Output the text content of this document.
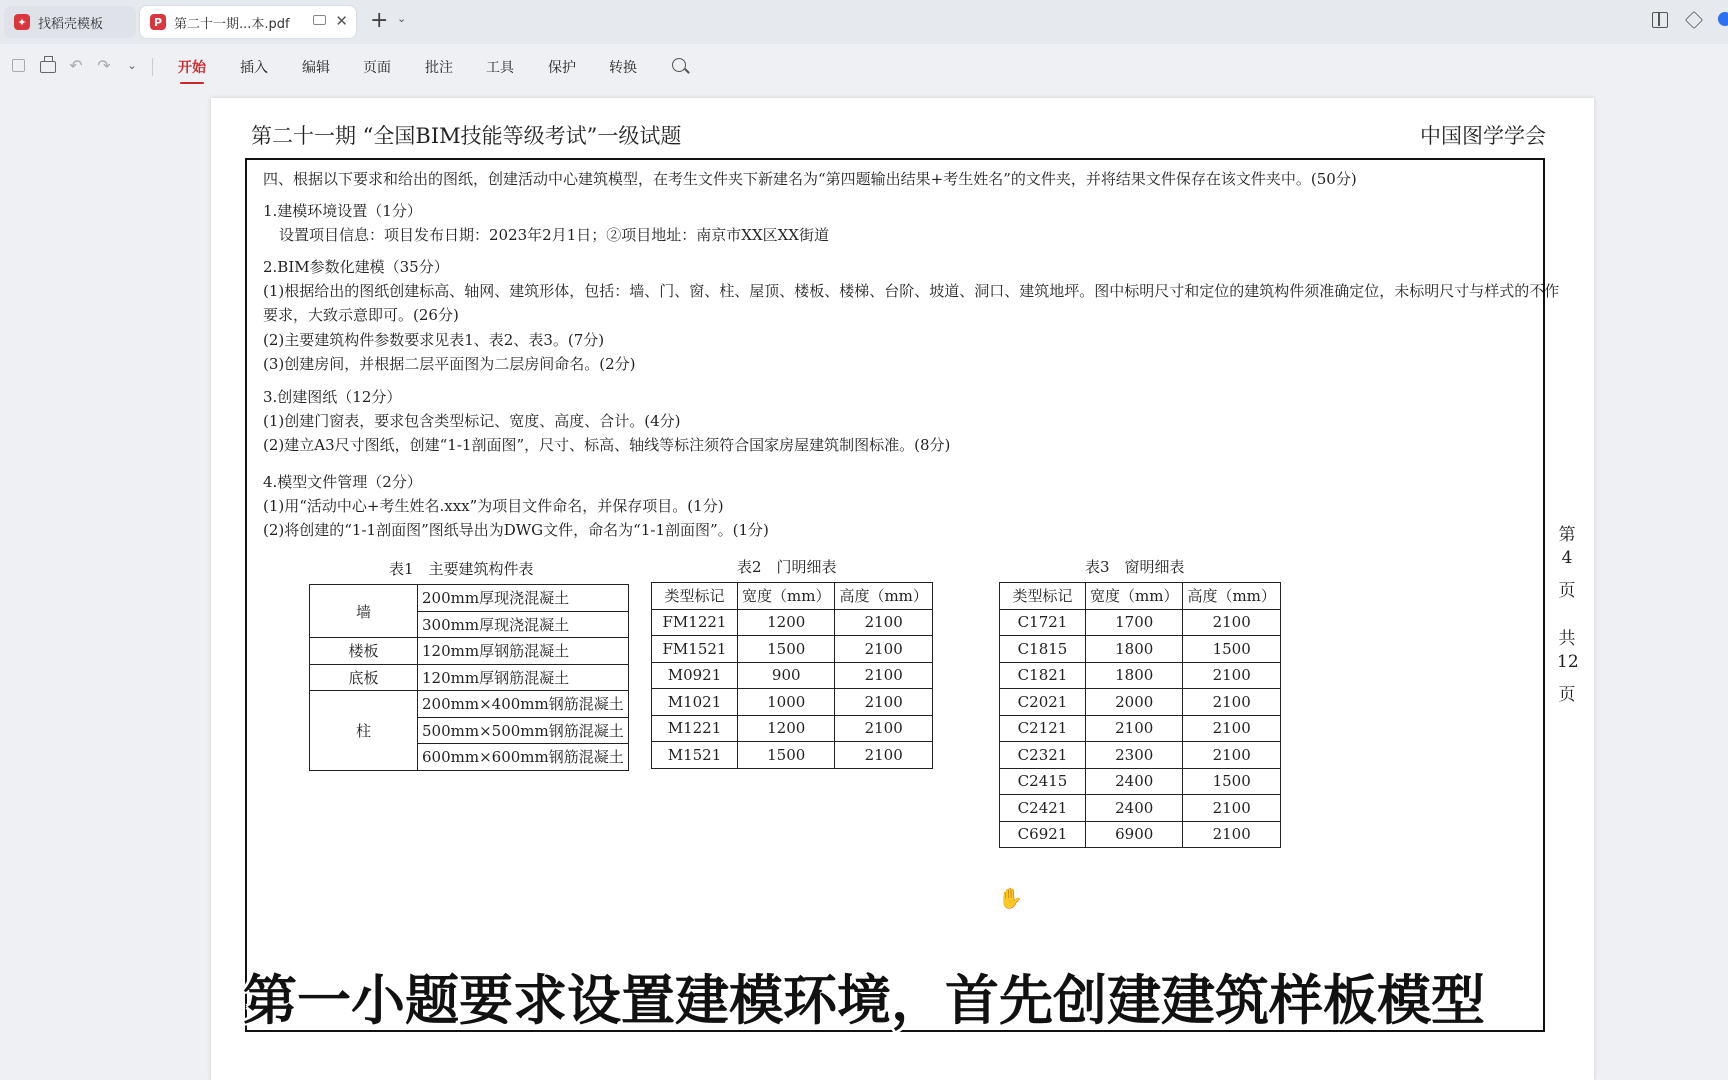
✦ 找稻壳模板	P 第二十一期...本.pdf	✕ + ⌄
↶ ↷	⌄	开始 插入 编辑 页面 批注 工具 保护 转换
第二十一期 “全国BIM技能等级考试”一级试题	中国图学学会
四、根据以下要求和给出的图纸，创建活动中心建筑模型，在考生文件夹下新建名为“第四题输出结果+考生姓名”的文件夹，并将结果文件保存在该文件夹中。(50分)
1.建模环境设置（1分）
设置项目信息：项目发布日期：2023年2月1日；②项目地址：南京市XX区XX街道
2.BIM参数化建模（35分）
(1)根据给出的图纸创建标高、轴网、建筑形体，包括：墙、门、窗、柱、屋顶、楼板、楼梯、台阶、坡道、洞口、建筑地坪。图中标明尺寸和定位的建筑构件须准确定位，未标明尺寸与样式的不作
要求，大致示意即可。(26分)
(2)主要建筑构件参数要求见表1、表2、表3。(7分)
(3)创建房间，并根据二层平面图为二层房间命名。(2分)
3.创建图纸（12分）
(1)创建门窗表，要求包含类型标记、宽度、高度、合计。(4分)
(2)建立A3尺寸图纸，创建“1-1剖面图”，尺寸、标高、轴线等标注须符合国家房屋建筑制图标准。(8分)
4.模型文件管理（2分）
(1)用“活动中心+考生姓名.xxx”为项目文件命名，并保存项目。(1分)
(2)将创建的“1-1剖面图”图纸导出为DWG文件，命名为“1-1剖面图”。(1分)
表1　主要建筑构件表
墙	200mm厚现浇混凝土
	300mm厚现浇混凝土
楼板	120mm厚钢筋混凝土
底板	120mm厚钢筋混凝土
柱	200mm×400mm钢筋混凝土
	500mm×500mm钢筋混凝土
	600mm×600mm钢筋混凝土
表2　门明细表
类型标记	宽度（mm）	高度（mm）
FM1221	1200	2100
FM1521	1500	2100
M0921	900	2100
M1021	1000	2100
M1221	1200	2100
M1521	1500	2100
表3　窗明细表
类型标记	宽度（mm）	高度（mm）
C1721	1700	2100
C1815	1800	1500
C1821	1800	2100
C2021	2000	2100
C2121	2100	2100
C2321	2300	2100
C2415	2400	1500
C2421	2400	2100
C6921	6900	2100
第
4
页
共
12
页
✋
第一小题要求设置建模环境，首先创建建筑样板模型
